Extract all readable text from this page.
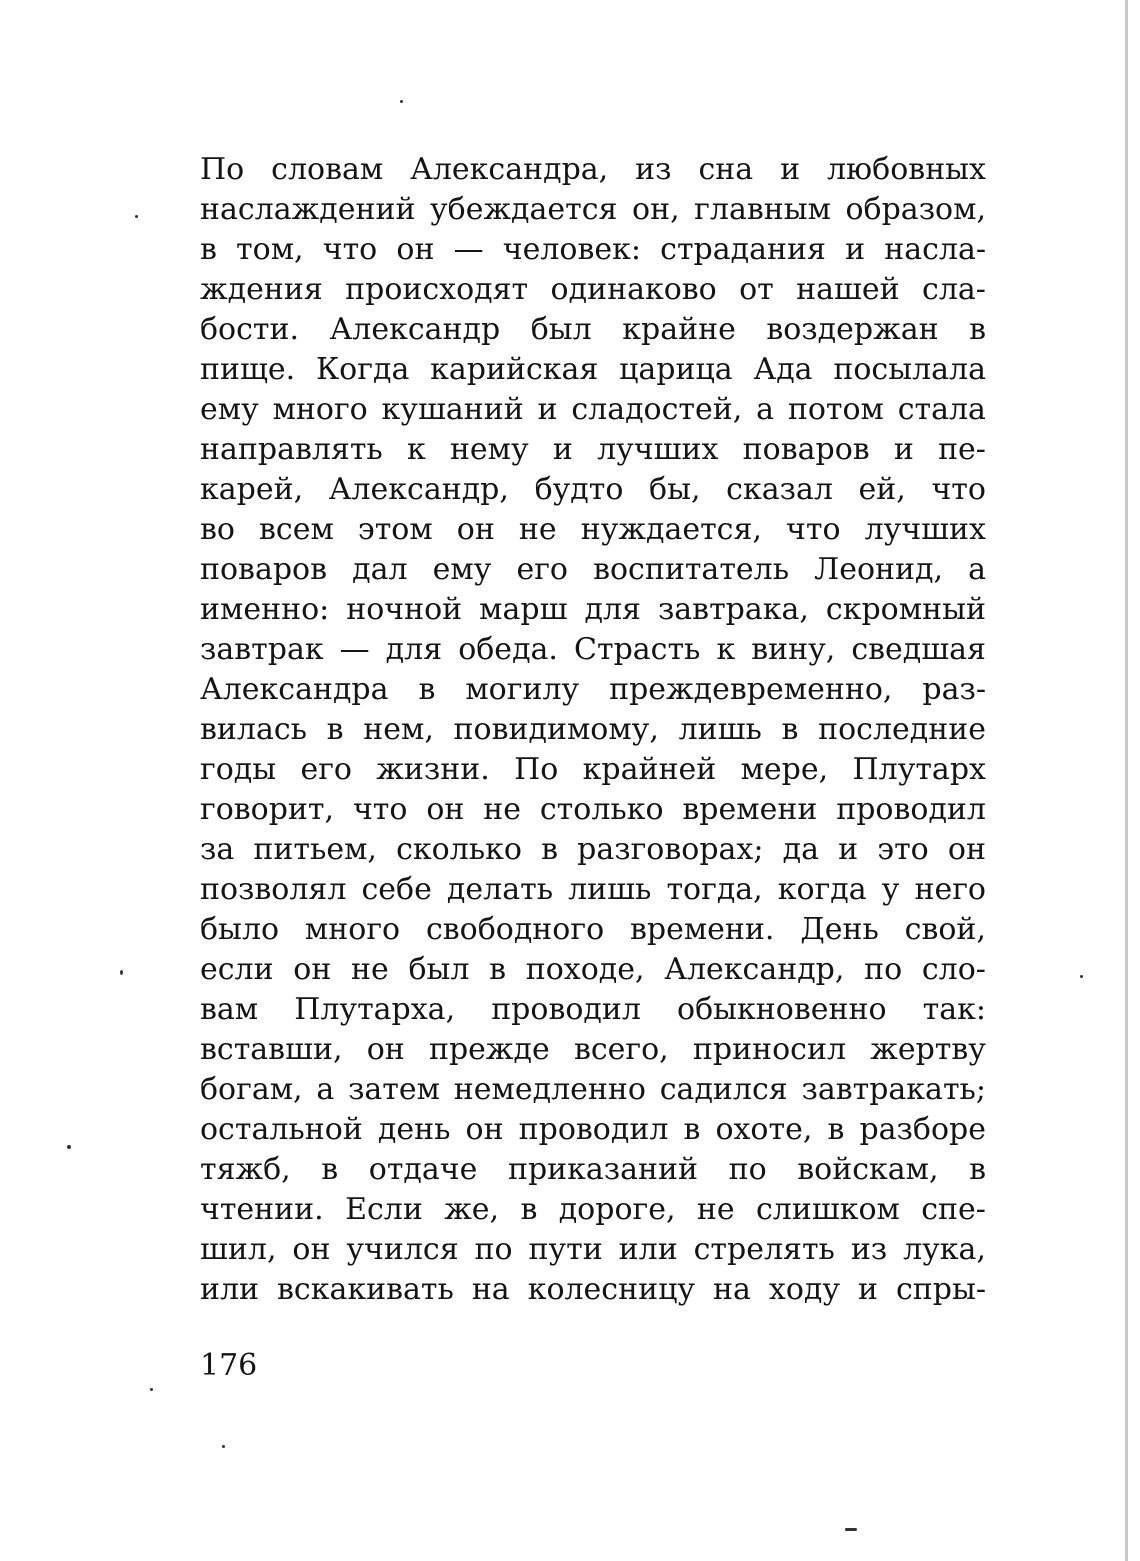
По словам Александра, из сна и любовных
наслаждений убеждается он, главным образом,
в том, что он — человек: страдания и насла-
ждения происходят одинаково от нашей сла-
бости. Александр был крайне воздержан в
пище. Когда карийская царица Ада посылала
ему много кушаний и сладостей, а потом стала
направлять к нему и лучших поваров и пе-
карей, Александр, будто бы, сказал ей, что
во всем этом он не нуждается, что лучших
поваров дал ему его воспитатель Леонид, а
именно: ночной марш для завтрака, скромный
завтрак — для обеда. Страсть к вину, сведшая
Александра в могилу преждевременно, раз-
вилась в нем, повидимому, лишь в последние
годы его жизни. По крайней мере, Плутарх
говорит, что он не столько времени проводил
за питьем, сколько в разговорах; да и это он
позволял себе делать лишь тогда, когда у него
было много свободного времени. День свой,
если он не был в походе, Александр, по сло-
вам Плутарха, проводил обыкновенно так:
вставши, он прежде всего, приносил жертву
богам, а затем немедленно садился завтракать;
остальной день он проводил в охоте, в разборе
тяжб, в отдаче приказаний по войскам, в
чтении. Если же, в дороге, не слишком спе-
шил, он учился по пути или стрелять из лука,
или вскакивать на колесницу на ходу и спры-
176
